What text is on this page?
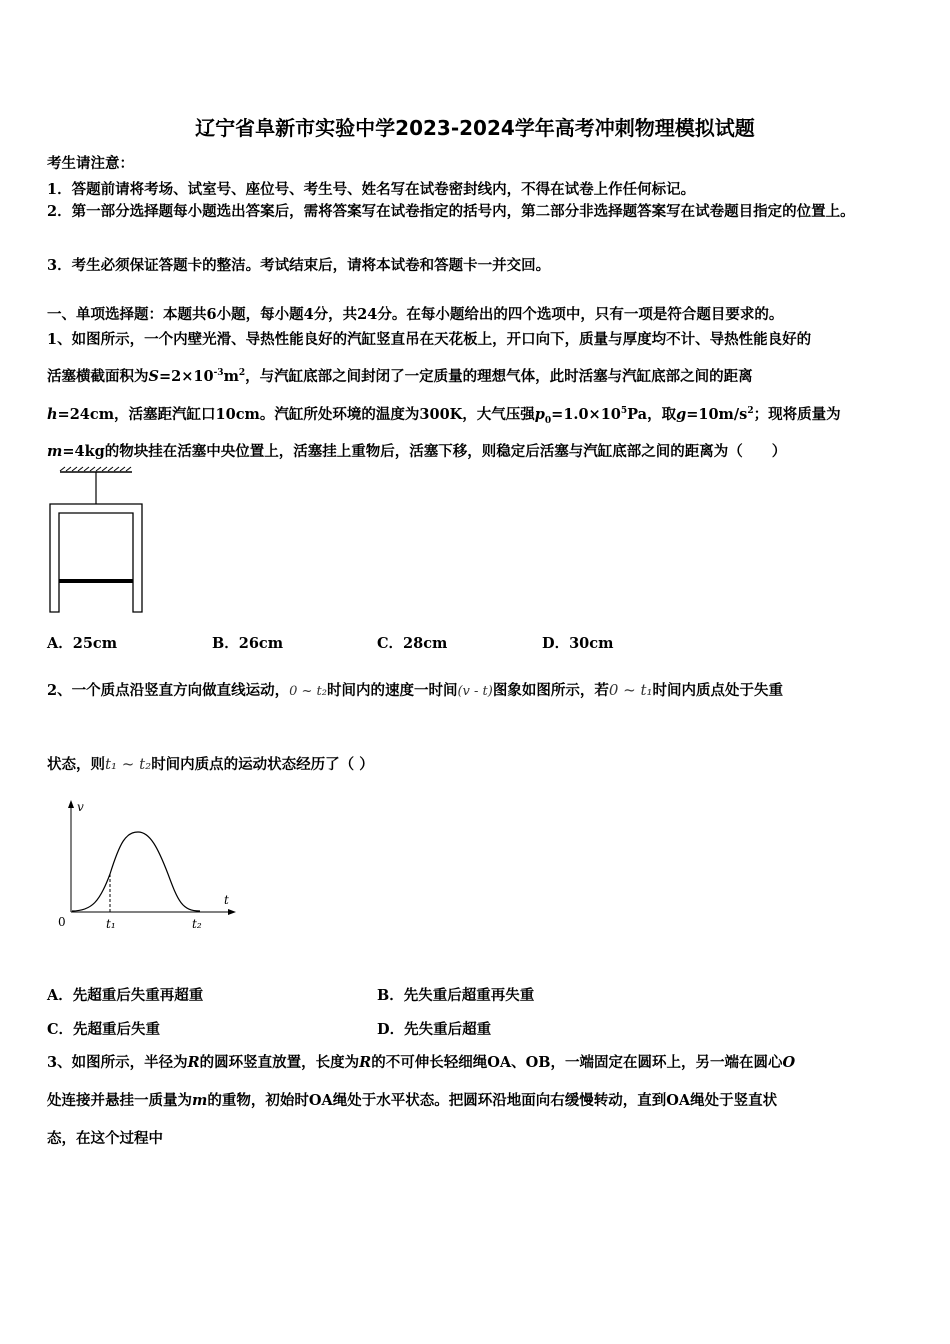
辽宁省阜新市实验中学2023-2024学年高考冲刺物理模拟试题
考生请注意：
1．答题前请将考场、试室号、座位号、考生号、姓名写在试卷密封线内，不得在试卷上作任何标记。
2．第一部分选择题每小题选出答案后，需将答案写在试卷指定的括号内，第二部分非选择题答案写在试卷题目指定的位置上。
3．考生必须保证答题卡的整洁。考试结束后，请将本试卷和答题卡一并交回。
一、单项选择题：本题共6小题，每小题4分，共24分。在每小题给出的四个选项中，只有一项是符合题目要求的。
1、如图所示，一个内壁光滑、导热性能良好的汽缸竖直吊在天花板上，开口向下，质量与厚度均不计、导热性能良好的
活塞横截面积为$S=2\times 10^{-3}m^2$，与汽缸底部之间封闭了一定质量的理想气体，此时活塞与汽缸底部之间的距离
h=24cm，活塞距汽缸口10cm。汽缸所处环境的温度为300K，大气压强$p_0=1.0\times 10^5Pa$，取$g=10m/s^2$；现将质量为
m=4kg的物块挂在活塞中央位置上，活塞挂上重物后，活塞下移，则稳定后活塞与汽缸底部之间的距离为（　　）
A．25cm	B．26cm	C．28cm	D．30cm
2、一个质点沿竖直方向做直线运动，0 ~ t₂时间内的速度一时间(v - t)图象如图所示，若0 ~ t₁时间内质点处于失重
状态，则t₁ ~ t₂时间内质点的运动状态经历了（ ）
v
t
0	t₁	t₂
A．先超重后失重再超重	B．先失重后超重再失重
C．先超重后失重	D．先失重后超重
3、如图所示，半径为R的圆环竖直放置，长度为R的不可伸长轻细绳OA、OB，一端固定在圆环上，另一端在圆心O
处连接并悬挂一质量为m的重物，初始时OA绳处于水平状态。把圆环沿地面向右缓慢转动，直到OA绳处于竖直状
态，在这个过程中
